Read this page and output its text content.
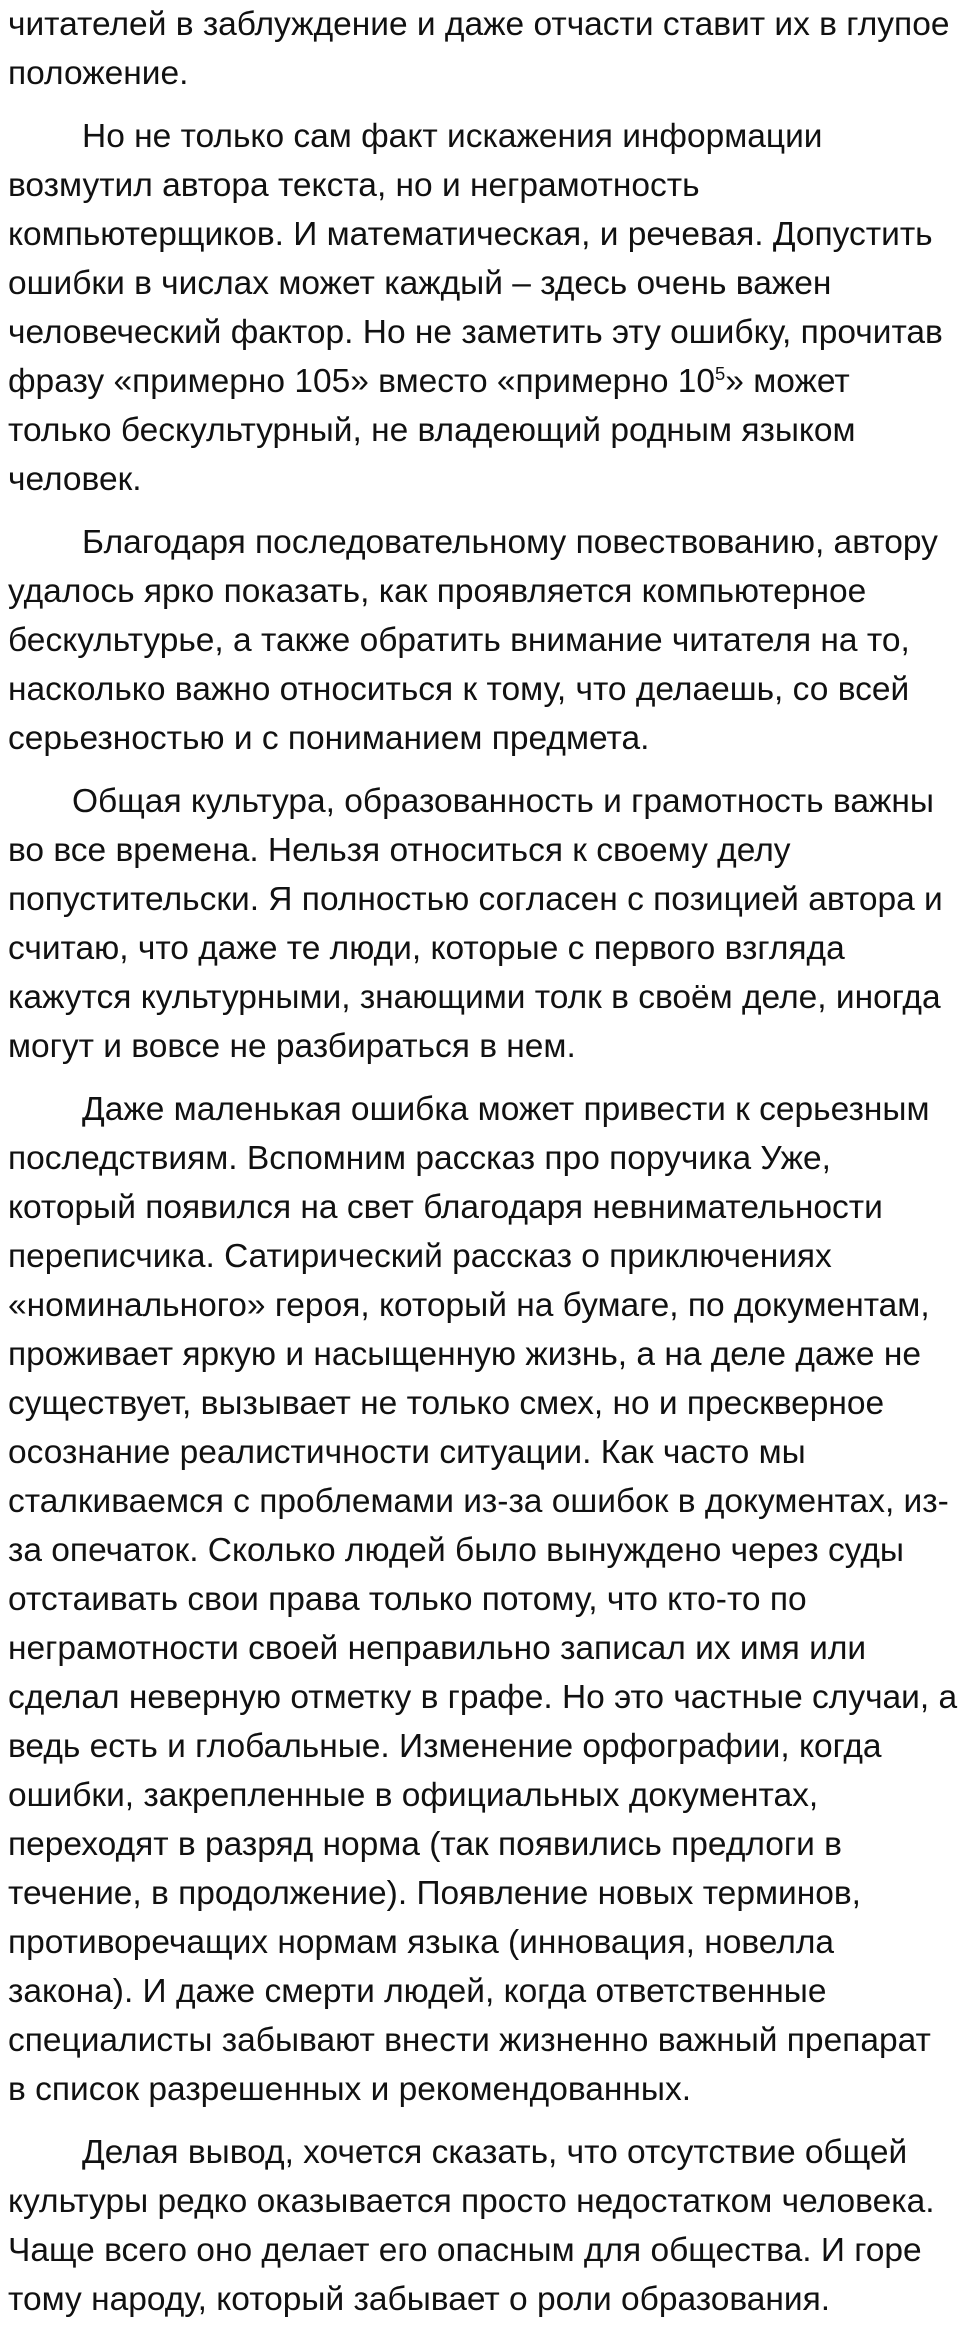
читателей в заблуждение и даже отчасти ставит их в глупое
положение.

Но не только сам факт искажения информации
возмутил автора текста, но и неграмотность
компьютерщиков. И математическая, и речевая. Допустить
ошибки в числах может каждый – здесь очень важен
человеческий фактор. Но не заметить эту ошибку, прочитав
фразу «примерно 105» вместо «примерно $10^5$» может
только бескультурный, не владеющий родным языком
человек.

Благодаря последовательному повествованию, автору
удалось ярко показать, как проявляется компьютерное
бескультурье, а также обратить внимание читателя на то,
насколько важно относиться к тому, что делаешь, со всей
серьезностью и с пониманием предмета.

Общая культура, образованность и грамотность важны
во все времена. Нельзя относиться к своему делу
попустительски. Я полностью согласен с позицией автора и
считаю, что даже те люди, которые с первого взгляда
кажутся культурными, знающими толк в своём деле, иногда
могут и вовсе не разбираться в нем.

Даже маленькая ошибка может привести к серьезным
последствиям. Вспомним рассказ про поручика Уже,
который появился на свет благодаря невнимательности
переписчика. Сатирический рассказ о приключениях
«номинального» героя, который на бумаге, по документам,
проживает яркую и насыщенную жизнь, а на деле даже не
существует, вызывает не только смех, но и прескверное
осознание реалистичности ситуации. Как часто мы
сталкиваемся с проблемами из-за ошибок в документах, из-
за опечаток. Сколько людей было вынуждено через суды
отстаивать свои права только потому, что кто-то по
неграмотности своей неправильно записал их имя или
сделал неверную отметку в графе. Но это частные случаи, а
ведь есть и глобальные. Изменение орфографии, когда
ошибки, закрепленные в официальных документах,
переходят в разряд норма (так появились предлоги в
течение, в продолжение). Появление новых терминов,
противоречащих нормам языка (инновация, новелла
закона). И даже смерти людей, когда ответственные
специалисты забывают внести жизненно важный препарат
в список разрешенных и рекомендованных.

Делая вывод, хочется сказать, что отсутствие общей
культуры редко оказывается просто недостатком человека.
Чаще всего оно делает его опасным для общества. И горе
тому народу, который забывает о роли образования.
